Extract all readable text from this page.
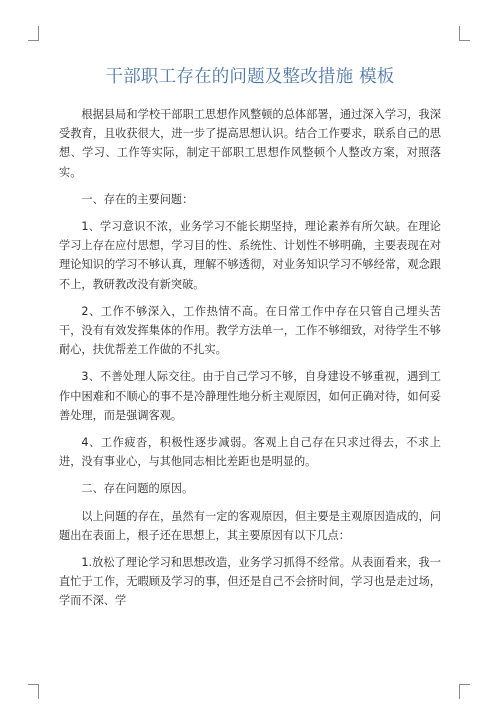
干部职工存在的问题及整改措施 模板

根据县局和学校干部职工思想作风整顿的总体部署，通过深入学习，我深受教育，且收获很大，进一步了提高思想认识。结合工作要求，联系自己的思想、学习、工作等实际，制定干部职工思想作风整顿个人整改方案，对照落实。

一、存在的主要问题：

1、学习意识不浓，业务学习不能长期坚持，理论素养有所欠缺。在理论学习上存在应付思想，学习目的性、系统性、计划性不够明确，主要表现在对理论知识的学习不够认真，理解不够透彻，对业务知识学习不够经常，观念跟不上，教研教改没有新突破。

2、工作不够深入，工作热情不高。在日常工作中存在只管自己埋头苦干，没有有效发挥集体的作用。教学方法单一，工作不够细致，对待学生不够耐心，扶优帮差工作做的不扎实。

3、不善处理人际交往。由于自己学习不够，自身建设不够重视，遇到工作中困难和不顺心的事不是冷静理性地分析主观原因，如何正确对待，如何妥善处理，而是强调客观。

4、工作疲沓，积极性逐步减弱。客观上自己存在只求过得去，不求上进，没有事业心，与其他同志相比差距也是明显的。

二、存在问题的原因。

以上问题的存在，虽然有一定的客观原因，但主要是主观原因造成的，问题出在表面上，根子还在思想上，其主要原因有以下几点：

1.放松了理论学习和思想改造，业务学习抓得不经常。从表面看来，我一直忙于工作，无暇顾及学习的事，但还是自己不会挤时间，学习也是走过场，学而不深、学
